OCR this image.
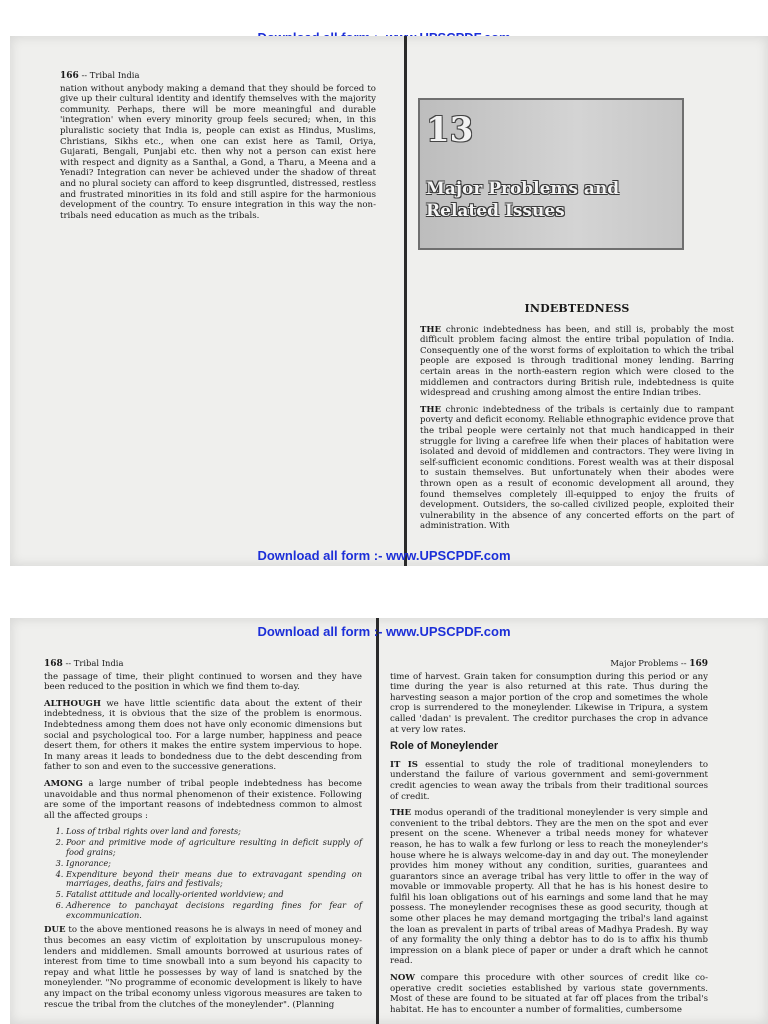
166 -- Tribal India

nation without anybody making a demand that they should be forced to give up their cultural identity and identify themselves with the majority community. Perhaps, there will be more meaningful and durable 'integration' when every minority group feels secured; when, in this pluralistic society that India is, people can exist as Hindus, Muslims, Christians, Sikhs etc., when one can exist here as Tamil, Oriya, Gujarati, Bengali, Punjabi etc. then why not a person can exist here with respect and dignity as a Santhal, a Gond, a Tharu, a Meena and a Yenadi? Integration can never be achieved under the shadow of threat and no plural society can afford to keep disgruntled, distressed, restless and frustrated minorities in its fold and still aspire for the harmonious development of the country. To ensure integration in this way the non-tribals need education as much as the tribals.

13
Major Problems and
Related Issues
INDEBTEDNESS

THE chronic indebtedness has been, and still is, probably the most difficult problem facing almost the entire tribal population of India. Consequently one of the worst forms of exploitation to which the tribal people are exposed is through traditional money lending. Barring certain areas in the north-eastern region which were closed to the middlemen and contractors during British rule, indebtedness is quite widespread and crushing among almost the entire Indian tribes.

THE chronic indebtedness of the tribals is certainly due to rampant poverty and deficit economy. Reliable ethnographic evidence prove that the tribal people were certainly not that much handicapped in their struggle for living a carefree life when their places of habitation were isolated and devoid of middlemen and contractors. They were living in self-sufficient economic conditions. Forest wealth was at their disposal to sustain themselves. But unfortunately when their abodes were thrown open as a result of economic development all around, they found themselves completely ill-equipped to enjoy the fruits of development. Outsiders, the so-called civilized people, exploited their vulnerability in the absence of any concerted efforts on the part of administration. With

Download all form :- www.UPSCPDF.com
Download all form :- www.UPSCPDF.com
168 -- Tribal India

the passage of time, their plight continued to worsen and they have been reduced to the position in which we find them to-day.

ALTHOUGH we have little scientific data about the extent of their indebtedness, it is obvious that the size of the problem is enormous. Indebtedness among them does not have only economic dimensions but social and psychological too. For a large number, happiness and peace desert them, for others it makes the entire system impervious to hope. In many areas it leads to bondedness due to the debt descending from father to son and even to the successive generations.

AMONG a large number of tribal people indebtedness has become unavoidable and thus normal phenomenon of their existence. Following are some of the important reasons of indebtedness common to almost all the affected groups :

1. Loss of tribal rights over land and forests;
2. Poor and primitive mode of agriculture resulting in deficit supply of food grains;
3. Ignorance;
4. Expenditure beyond their means due to extravagant spending on marriages, deaths, fairs and festivals;
5. Fatalist attitude and locally-oriented worldview; and
6. Adherence to panchayat decisions regarding fines for fear of excommunication.

DUE to the above mentioned reasons he is always in need of money and thus becomes an easy victim of exploitation by unscrupulous money-lenders and middlemen. Small amounts borrowed at usurious rates of interest from time to time snowball into a sum beyond his capacity to repay and what little he possesses by way of land is snatched by the moneylender. "No programme of economic development is likely to have any impact on the tribal economy unless vigorous measures are taken to rescue the tribal from the clutches of the moneylender". (Planning

Major Problems -- 169

time of harvest. Grain taken for consumption during this period or any time during the year is also returned at this rate. Thus during the harvesting season a major portion of the crop and sometimes the whole crop is surrendered to the moneylender. Likewise in Tripura, a system called 'dadan' is prevalent. The creditor purchases the crop in advance at very low rates.

Role of Moneylender

IT IS essential to study the role of traditional moneylenders to understand the failure of various government and semi-government credit agencies to wean away the tribals from their traditional sources of credit.

THE modus operandi of the traditional moneylender is very simple and convenient to the tribal debtors. They are the men on the spot and ever present on the scene. Whenever a tribal needs money for whatever reason, he has to walk a few furlong or less to reach the moneylender's house where he is always welcome-day in and day out. The moneylender provides him money without any condition, surities, guarantees and guarantors since an average tribal has very little to offer in the way of movable or immovable property. All that he has is his honest desire to fulfil his loan obligations out of his earnings and some land that he may possess. The moneylender recognises these as good security, though at some other places he may demand mortgaging the tribal's land against the loan as prevalent in parts of tribal areas of Madhya Pradesh. By way of any formality the only thing a debtor has to do is to affix his thumb impression on a blank piece of paper or under a draft which he cannot read.

NOW compare this procedure with other sources of credit like co-operative credit societies established by various state governments. Most of these are found to be situated at far off places from the tribal's habitat. He has to encounter a number of formalities, cumbersome
